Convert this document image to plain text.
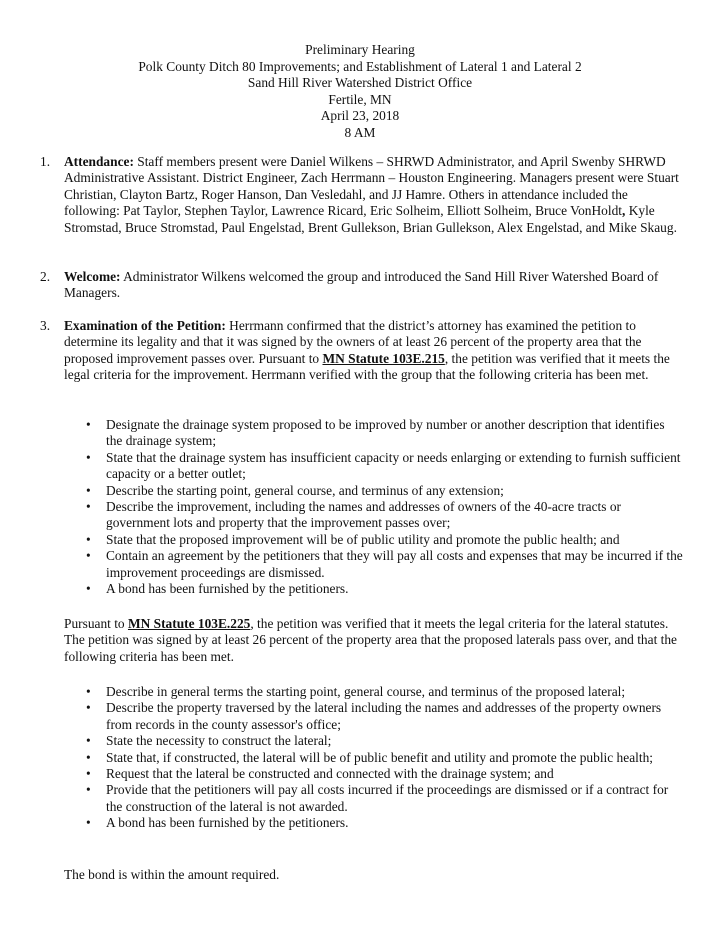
Preliminary Hearing
Polk County Ditch 80 Improvements; and Establishment of Lateral 1 and Lateral 2
Sand Hill River Watershed District Office
Fertile, MN
April 23, 2018
8 AM
1.	Attendance: Staff members present were Daniel Wilkens – SHRWD Administrator, and April Swenby SHRWD Administrative Assistant. District Engineer, Zach Herrmann – Houston Engineering. Managers present were Stuart Christian, Clayton Bartz, Roger Hanson, Dan Vesledahl, and JJ Hamre. Others in attendance included the following: Pat Taylor, Stephen Taylor, Lawrence Ricard, Eric Solheim, Elliott Solheim, Bruce VonHoldt, Kyle Stromstad, Bruce Stromstad, Paul Engelstad, Brent Gullekson, Brian Gullekson, Alex Engelstad, and Mike Skaug.
2.	Welcome: Administrator Wilkens welcomed the group and introduced the Sand Hill River Watershed Board of Managers.
3.	Examination of the Petition: Herrmann confirmed that the district’s attorney has examined the petition to determine its legality and that it was signed by the owners of at least 26 percent of the property area that the proposed improvement passes over. Pursuant to MN Statute 103E.215, the petition was verified that it meets the legal criteria for the improvement. Herrmann verified with the group that the following criteria has been met.
• Designate the drainage system proposed to be improved by number or another description that identifies the drainage system;
• State that the drainage system has insufficient capacity or needs enlarging or extending to furnish sufficient capacity or a better outlet;
• Describe the starting point, general course, and terminus of any extension;
• Describe the improvement, including the names and addresses of owners of the 40-acre tracts or government lots and property that the improvement passes over;
• State that the proposed improvement will be of public utility and promote the public health; and
• Contain an agreement by the petitioners that they will pay all costs and expenses that may be incurred if the improvement proceedings are dismissed.
• A bond has been furnished by the petitioners.
Pursuant to MN Statute 103E.225, the petition was verified that it meets the legal criteria for the lateral statutes. The petition was signed by at least 26 percent of the property area that the proposed laterals pass over, and that the following criteria has been met.
• Describe in general terms the starting point, general course, and terminus of the proposed lateral;
• Describe the property traversed by the lateral including the names and addresses of the property owners from records in the county assessor's office;
• State the necessity to construct the lateral;
• State that, if constructed, the lateral will be of public benefit and utility and promote the public health;
• Request that the lateral be constructed and connected with the drainage system; and
• Provide that the petitioners will pay all costs incurred if the proceedings are dismissed or if a contract for the construction of the lateral is not awarded.
• A bond has been furnished by the petitioners.
The bond is within the amount required.
